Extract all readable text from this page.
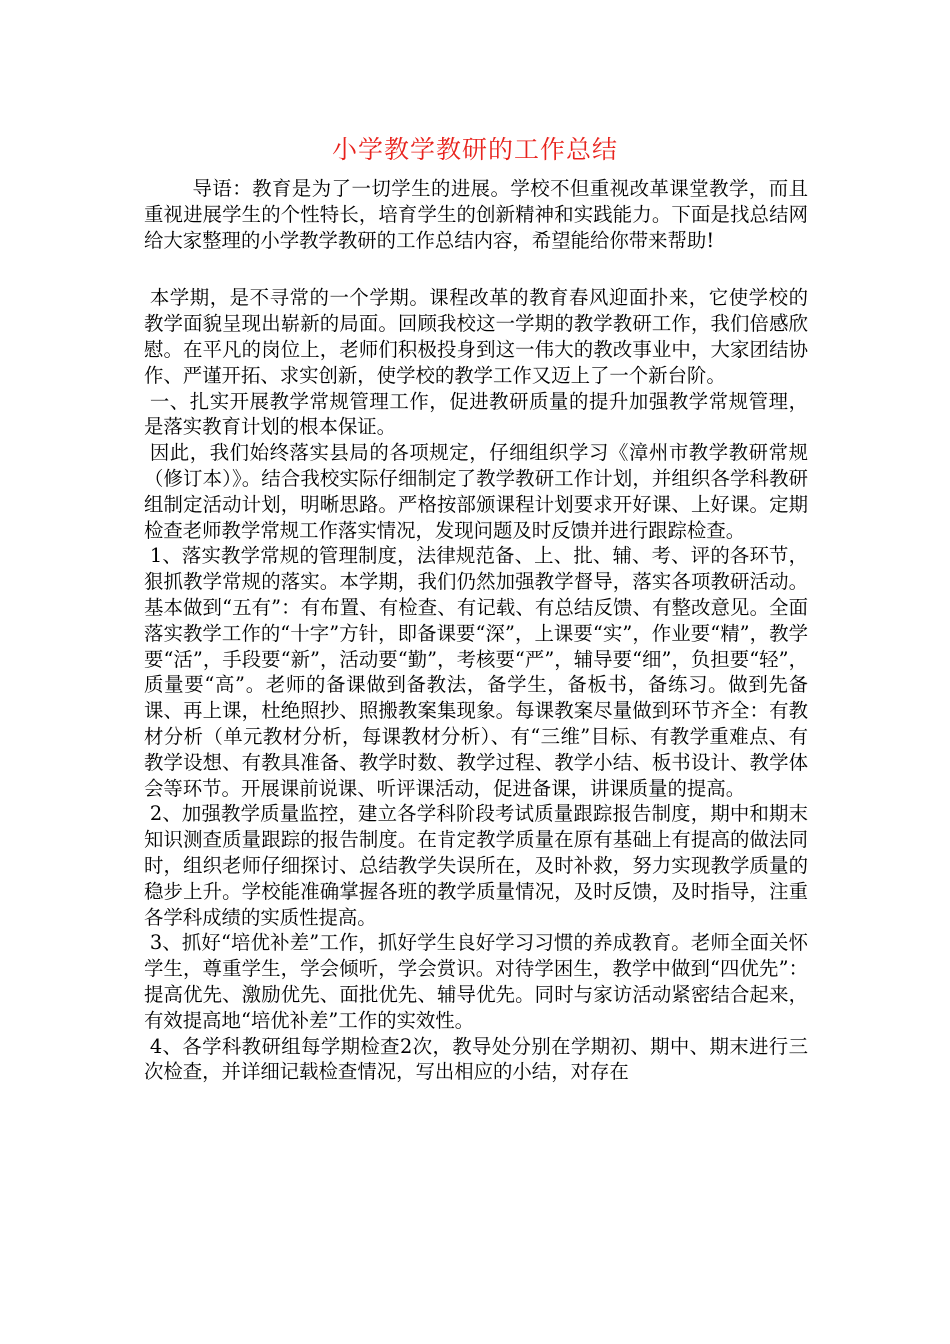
小学教学教研的工作总结

导语：教育是为了一切学生的进展。学校不但重视改革课堂教学，而且重视进展学生的个性特长，培育学生的创新精神和实践能力。下面是找总结网给大家整理的小学教学教研的工作总结内容，希望能给你带来帮助!

本学期，是不寻常的一个学期。课程改革的教育春风迎面扑来，它使学校的教学面貌呈现出崭新的局面。回顾我校这一学期的教学教研工作，我们倍感欣慰。在平凡的岗位上，老师们积极投身到这一伟大的教改事业中，大家团结协作、严谨开拓、求实创新，使学校的教学工作又迈上了一个新台阶。

一、扎实开展教学常规管理工作，促进教研质量的提升加强教学常规管理，是落实教育计划的根本保证。

因此，我们始终落实县局的各项规定，仔细组织学习《漳州市教学教研常规（修订本）》。结合我校实际仔细制定了教学教研工作计划，并组织各学科教研组制定活动计划，明晰思路。严格按部颁课程计划要求开好课、上好课。定期检查老师教学常规工作落实情况，发现问题及时反馈并进行跟踪检查。

1、落实教学常规的管理制度，法律规范备、上、批、辅、考、评的各环节，狠抓教学常规的落实。本学期，我们仍然加强教学督导，落实各项教研活动。基本做到“五有”：有布置、有检查、有记载、有总结反馈、有整改意见。全面落实教学工作的“十字”方针，即备课要“深”，上课要“实”，作业要“精”，教学要“活”，手段要“新”，活动要“勤”，考核要“严”，辅导要“细”，负担要“轻”，质量要“高”。老师的备课做到备教法，备学生，备板书，备练习。做到先备课、再上课，杜绝照抄、照搬教案集现象。每课教案尽量做到环节齐全：有教材分析（单元教材分析，每课教材分析）、有“三维”目标、有教学重难点、有教学设想、有教具准备、教学时数、教学过程、教学小结、板书设计、教学体会等环节。开展课前说课、听评课活动，促进备课，讲课质量的提高。

2、加强教学质量监控，建立各学科阶段考试质量跟踪报告制度，期中和期末知识测查质量跟踪的报告制度。在肯定教学质量在原有基础上有提高的做法同时，组织老师仔细探讨、总结教学失误所在，及时补救，努力实现教学质量的稳步上升。学校能准确掌握各班的教学质量情况，及时反馈，及时指导，注重各学科成绩的实质性提高。

3、抓好“培优补差”工作，抓好学生良好学习习惯的养成教育。老师全面关怀学生，尊重学生，学会倾听，学会赏识。对待学困生，教学中做到“四优先”：提高优先、激励优先、面批优先、辅导优先。同时与家访活动紧密结合起来，有效提高地“培优补差”工作的实效性。

4、各学科教研组每学期检查2次，教导处分别在学期初、期中、期末进行三次检查，并详细记载检查情况，写出相应的小结，对存在
